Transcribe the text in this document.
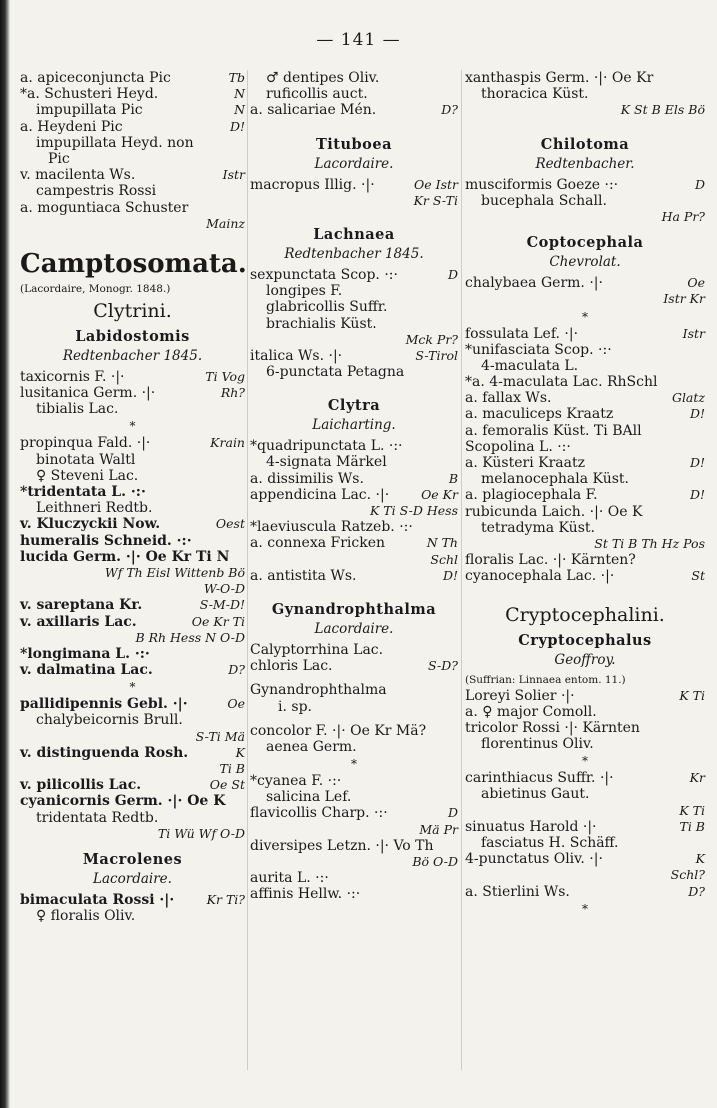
— 141 —
a. apiceconjuncta Pic	Tb
*a. Schusteri Heyd.	N
impupillata Pic	N
a. Heydeni Pic	D!
impupillata Heyd. non
Pic
v. macilenta Ws.	Istr
campestris Rossi
a. moguntiaca Schuster
Mainz
Camptosomata.
(Lacordaire, Monogr. 1848.)
Clytrini.
Labidostomis
Redtenbacher 1845.
taxicornis F. ·|·	Ti Vog
lusitanica Germ. ·|·	Rh?
tibialis Lac.
*
propinqua Fald. ·|·	Krain
binotata Waltl
♀ Steveni Lac.
*tridentata L. ·:·
Leithneri Redtb.
v. Kluczyckii Now.	Oest
humeralis Schneid. ·:·
lucida Germ. ·|· Oe Kr Ti N
Wf Th Eisl Wittenb Bö
W-O-D
v. sareptana Kr.	S-M-D!
v. axillaris Lac.	Oe Kr Ti
B Rh Hess N O-D
*longimana L. ·:·
v. dalmatina Lac.	D?
*
pallidipennis Gebl. ·|·	Oe
chalybeicornis Brull.
S-Ti Mä
v. distinguenda Rosh.	K
Ti B
v. pilicollis Lac.	Oe St
cyanicornis Germ. ·|· Oe K
tridentata Redtb.
Ti Wü Wf O-D
Macrolenes
Lacordaire.
bimaculata Rossi ·|·	Kr Ti?
♀ floralis Oliv.
♂ dentipes Oliv.
ruficollis auct.
a. salicariae Mén.	D?
Tituboea
Lacordaire.
macropus Illig. ·|·	Oe Istr
Kr S-Ti
Lachnaea
Redtenbacher 1845.
sexpunctata Scop. ·:·	D
longipes F.
glabricollis Suffr.
brachialis Küst.
Mck Pr?
italica Ws. ·|·	S-Tirol
6-punctata Petagna
Clytra
Laicharting.
*quadripunctata L. ·:·
4-signata Märkel
a. dissimilis Ws.	B
appendicina Lac. ·|·	Oe Kr
K Ti S-D Hess
*laeviuscula Ratzeb. ·:·
a. connexa Fricken	N Th
Schl
a. antistita Ws.	D!
Gynandrophthalma
Lacordaire.
Calyptorrhina Lac.
chloris Lac.	S-D?
Gynandrophthalma
i. sp.
concolor F. ·|· Oe Kr Mä?
aenea Germ.
*
*cyanea F. ·:·
salicina Lef.
flavicollis Charp. ·:·	D
Mä Pr
diversipes Letzn. ·|· Vo Th
Bö O-D
aurita L. ·:·
affinis Hellw. ·:·
xanthaspis Germ. ·|· Oe Kr
thoracica Küst.
K St B Els Bö
Chilotoma
Redtenbacher.
musciformis Goeze ·:·	D
bucephala Schall.
Ha Pr?
Coptocephala
Chevrolat.
chalybaea Germ. ·|·	Oe
Istr Kr
*
fossulata Lef. ·|·	Istr
*unifasciata Scop. ·:·
4-maculata L.
*a. 4-maculata Lac. RhSchl
a. fallax Ws.	Glatz
a. maculiceps Kraatz	D!
a. femoralis Küst. Ti BAll
Scopolina L. ·:·
a. Küsteri Kraatz	D!
melanocephala Küst.
a. plagiocephala F.	D!
rubicunda Laich. ·|· Oe K
tetradyma Küst.
St Ti B Th Hz Pos
floralis Lac. ·|· Kärnten?
cyanocephala Lac. ·|·	St
Cryptocephalini.
Cryptocephalus
Geoffroy.
(Suffrian: Linnaea entom. 11.)
Loreyi Solier ·|·	K Ti
a. ♀ major Comoll.
tricolor Rossi ·|· Kärnten
florentinus Oliv.
*
carinthiacus Suffr. ·|·	Kr
abietinus Gaut.
K Ti
sinuatus Harold ·|·	Ti B
fasciatus H. Schäff.
4-punctatus Oliv. ·|·	K
Schl?
a. Stierlini Ws.	D?
*
